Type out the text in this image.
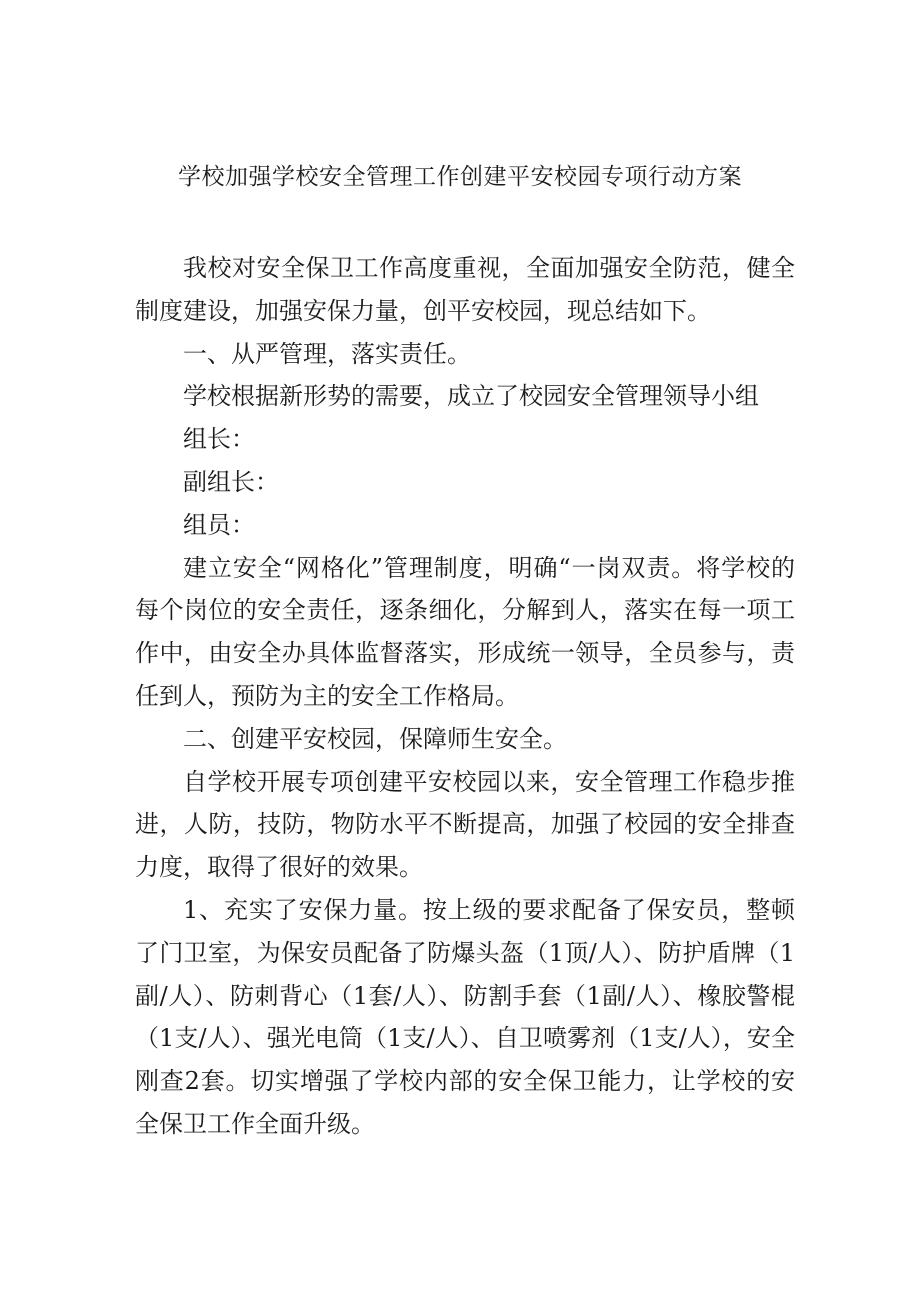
学校加强学校安全管理工作创建平安校园专项行动方案

我校对安全保卫工作高度重视，全面加强安全防范，健全制度建设，加强安保力量，创平安校园，现总结如下。

一、从严管理，落实责任。

学校根据新形势的需要，成立了校园安全管理领导小组

组长：

副组长：

组员：

建立安全“网格化”管理制度，明确“一岗双责。将学校的每个岗位的安全责任，逐条细化，分解到人，落实在每一项工作中，由安全办具体监督落实，形成统一领导，全员参与，责任到人，预防为主的安全工作格局。

二、创建平安校园，保障师生安全。

自学校开展专项创建平安校园以来，安全管理工作稳步推进，人防，技防，物防水平不断提高，加强了校园的安全排查力度，取得了很好的效果。

1、充实了安保力量。按上级的要求配备了保安员，整顿了门卫室，为保安员配备了防爆头盔（1顶/人）、防护盾牌（1副/人）、防刺背心（1套/人）、防割手套（1副/人）、橡胶警棍（1支/人）、强光电筒（1支/人）、自卫喷雾剂（1支/人），安全刚查2套。切实增强了学校内部的安全保卫能力，让学校的安全保卫工作全面升级。
